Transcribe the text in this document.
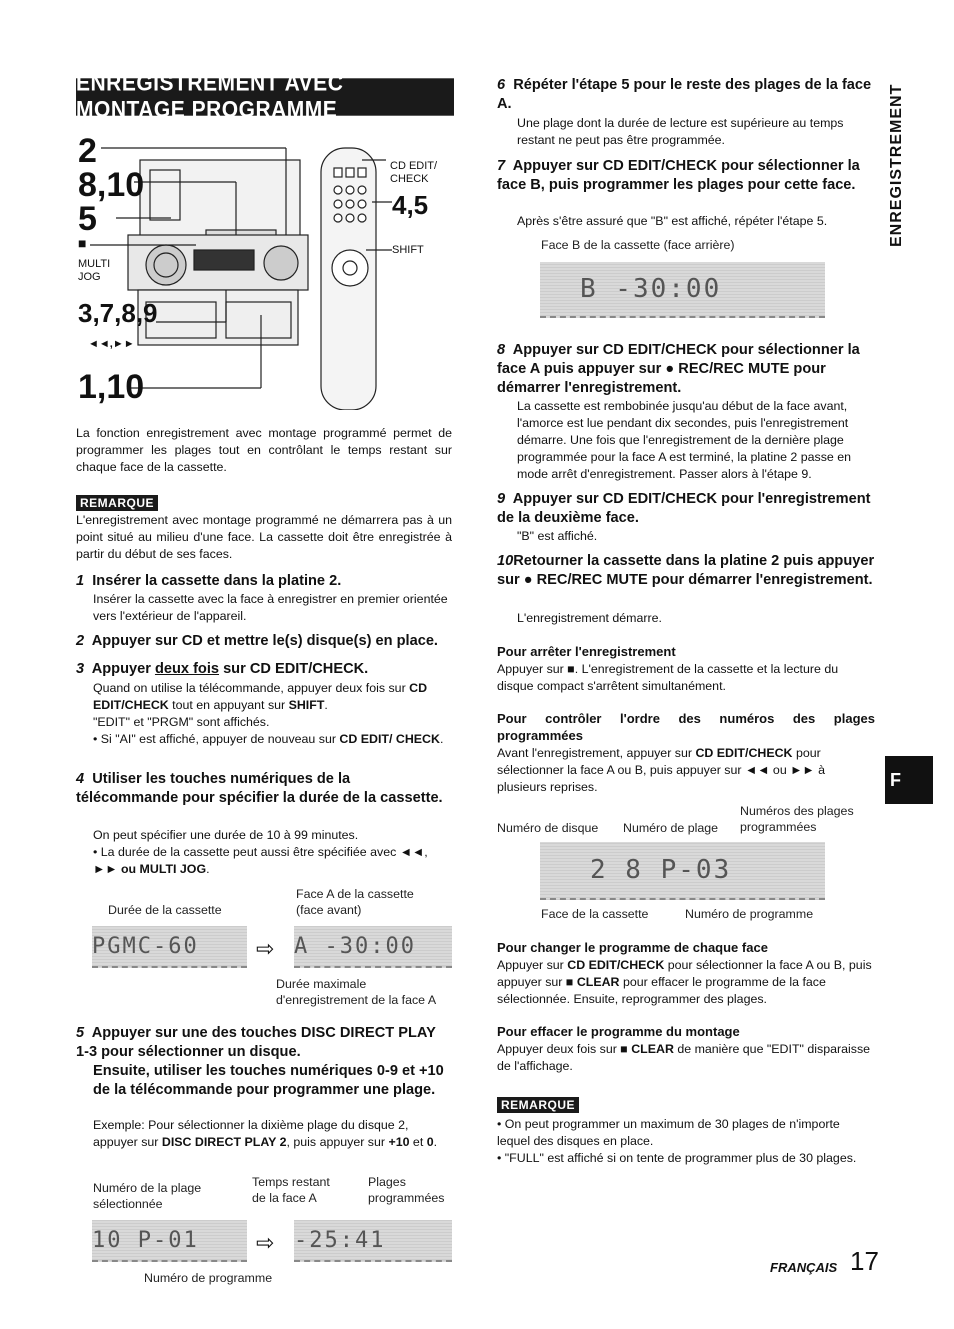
ENREGISTREMENT AVEC MONTAGE PROGRAMME	ENREGISTREMENT
F
2
8,10
5
■
MULTI
JOG
3,7,8,9
◄◄,►►
1,10
CD EDIT/
CHECK
4,5
SHIFT
La fonction enregistrement avec montage programmé permet de programmer les plages tout en contrôlant le temps restant sur chaque face de la cassette.
REMARQUE
L'enregistrement avec montage programmé ne démarrera pas à un point situé au milieu d'une face. La cassette doit être enregistrée à partir du début de ses faces.
1 Insérer la cassette dans la platine 2.
Insérer la cassette avec la face à enregistrer en premier orientée vers l'extérieur de l'appareil.
2 Appuyer sur CD et mettre le(s) disque(s) en place.
3 Appuyer deux fois sur CD EDIT/CHECK.
Quand on utilise la télécommande, appuyer deux fois sur CD EDIT/CHECK tout en appuyant sur SHIFT.
"EDIT" et "PRGM" sont affichés.
• Si "AI" est affiché, appuyer de nouveau sur CD EDIT/ CHECK.
4 Utiliser les touches numériques de la télécommande pour spécifier la durée de la cassette.
On peut spécifier une durée de 10 à 99 minutes.
• La durée de la cassette peut aussi être spécifiée avec ◄◄,
►► ou MULTI JOG.
Durée de la cassette
Face A de la cassette
(face avant)
PGMC-60	⇨ A -30:00
Durée maximale
d'enregistrement de la face A
5 Appuyer sur une des touches DISC DIRECT PLAY 1-3 pour sélectionner un disque.
Ensuite, utiliser les touches numériques 0-9 et +10 de la télécommande pour programmer une plage.
Exemple: Pour sélectionner la dixième plage du disque 2, appuyer sur DISC DIRECT PLAY 2, puis appuyer sur +10 et 0.
Numéro de la plage
sélectionnée
Temps restant
de la face A
Plages
programmées
10 P-01	⇨ -25:41
Numéro de programme
6 Répéter l'étape 5 pour le reste des plages de la face A.
Une plage dont la durée de lecture est supérieure au temps restant ne peut pas être programmée.
7 Appuyer sur CD EDIT/CHECK pour sélectionner la face B, puis programmer les plages pour cette face.
Après s'être assuré que "B" est affiché, répéter l'étape 5.
Face B de la cassette (face arrière)
B -30:00
8 Appuyer sur CD EDIT/CHECK pour sélectionner la face A puis appuyer sur ● REC/REC MUTE pour démarrer l'enregistrement.
La cassette est rembobinée jusqu'au début de la face avant, l'amorce est lue pendant dix secondes, puis l'enregistrement démarre. Une fois que l'enregistrement de la dernière plage programmée pour la face A est terminé, la platine 2 passe en mode arrêt d'enregistrement. Passer alors à l'étape 9.
9 Appuyer sur CD EDIT/CHECK pour l'enregistrement de la deuxième face.
"B" est affiché.
10Retourner la cassette dans la platine 2 puis appuyer sur ● REC/REC MUTE pour démarrer l'enregistrement.
L'enregistrement démarre.
Pour arrêter l'enregistrement
Appuyer sur ■. L'enregistrement de la cassette et la lecture du disque compact s'arrêtent simultanément.
Pour contrôler l'ordre des numéros des plages programmées
Avant l'enregistrement, appuyer sur CD EDIT/CHECK pour sélectionner la face A ou B, puis appuyer sur ◄◄ ou ►► à plusieurs reprises.
Numéros des plages
programmées
Numéro de disque Numéro de plage
2 8 P-03
Face de la cassette	Numéro de programme
Pour changer le programme de chaque face
Appuyer sur CD EDIT/CHECK pour sélectionner la face A ou B, puis appuyer sur ■ CLEAR pour effacer le programme de la face sélectionnée. Ensuite, reprogrammer des plages.
Pour effacer le programme du montage
Appuyer deux fois sur ■ CLEAR de manière que "EDIT" disparaisse de l'affichage.
REMARQUE
• On peut programmer un maximum de 30 plages de n'importe lequel des disques en place.
• "FULL" est affiché si on tente de programmer plus de 30 plages.
FRANÇAIS 17
